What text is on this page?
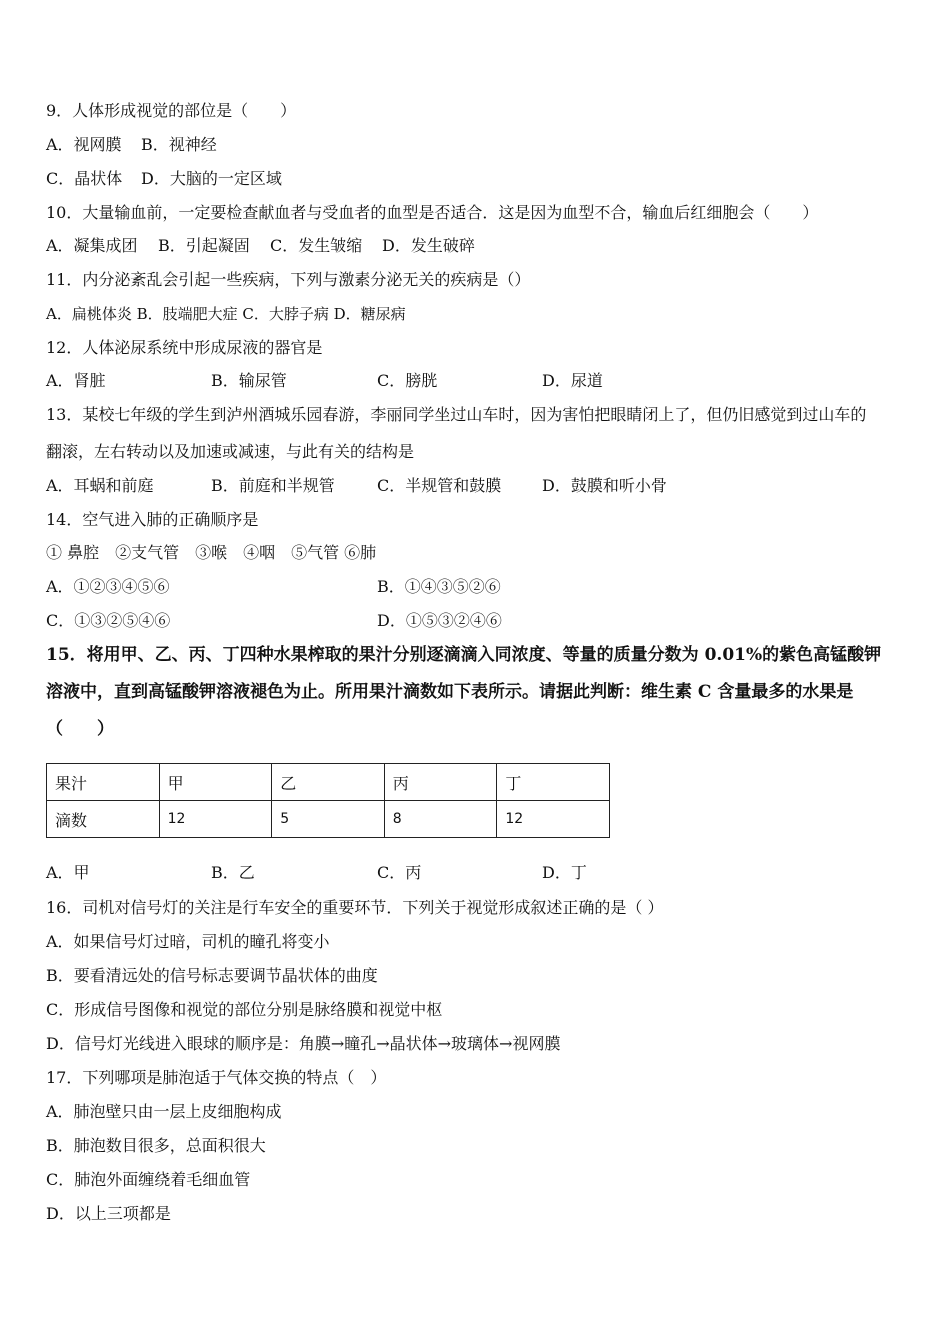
9．人体形成视觉的部位是（　　）
A．视网膜 B．视神经
C．晶状体 D．大脑的一定区域
10．大量输血前，一定要检查献血者与受血者的血型是否适合．这是因为血型不合，输血后红细胞会（　　）
A．凝集成团 B．引起凝固 C．发生皱缩 D．发生破碎
11．内分泌紊乱会引起一些疾病，下列与激素分泌无关的疾病是（）
A．扁桃体炎 B．肢端肥大症 C．大脖子病 D．糖尿病
12．人体泌尿系统中形成尿液的器官是
A．肾脏	B．输尿管	C．膀胱	D．尿道
13．某校七年级的学生到泸州酒城乐园春游，李丽同学坐过山车时，因为害怕把眼睛闭上了，但仍旧感觉到过山车的
翻滚，左右转动以及加速或减速，与此有关的结构是
A．耳蜗和前庭	B．前庭和半规管	C．半规管和鼓膜	D．鼓膜和听小骨
14．空气进入肺的正确顺序是
① 鼻腔　②支气管　③喉　④咽　⑤气管 ⑥肺
A．①②③④⑤⑥	B．①④③⑤②⑥
C．①③②⑤④⑥	D．①⑤③②④⑥
15．将用甲、乙、丙、丁四种水果榨取的果汁分别逐滴滴入同浓度、等量的质量分数为 0.01%的紫色高锰酸钾
溶液中，直到高锰酸钾溶液褪色为止。所用果汁滴数如下表所示。请据此判断：维生素 C 含量最多的水果是
（　　）
果汁	甲	乙	丙	丁
滴数	12	5	8	12
A．甲	B．乙	C．丙	D．丁
16．司机对信号灯的关注是行车安全的重要环节．下列关于视觉形成叙述正确的是（ ）
A．如果信号灯过暗，司机的瞳孔将变小
B．要看清远处的信号标志要调节晶状体的曲度
C．形成信号图像和视觉的部位分别是脉络膜和视觉中枢
D．信号灯光线进入眼球的顺序是：角膜→瞳孔→晶状体→玻璃体→视网膜
17．下列哪项是肺泡适于气体交换的特点（　）
A．肺泡壁只由一层上皮细胞构成
B．肺泡数目很多，总面积很大
C．肺泡外面缠绕着毛细血管
D．以上三项都是
